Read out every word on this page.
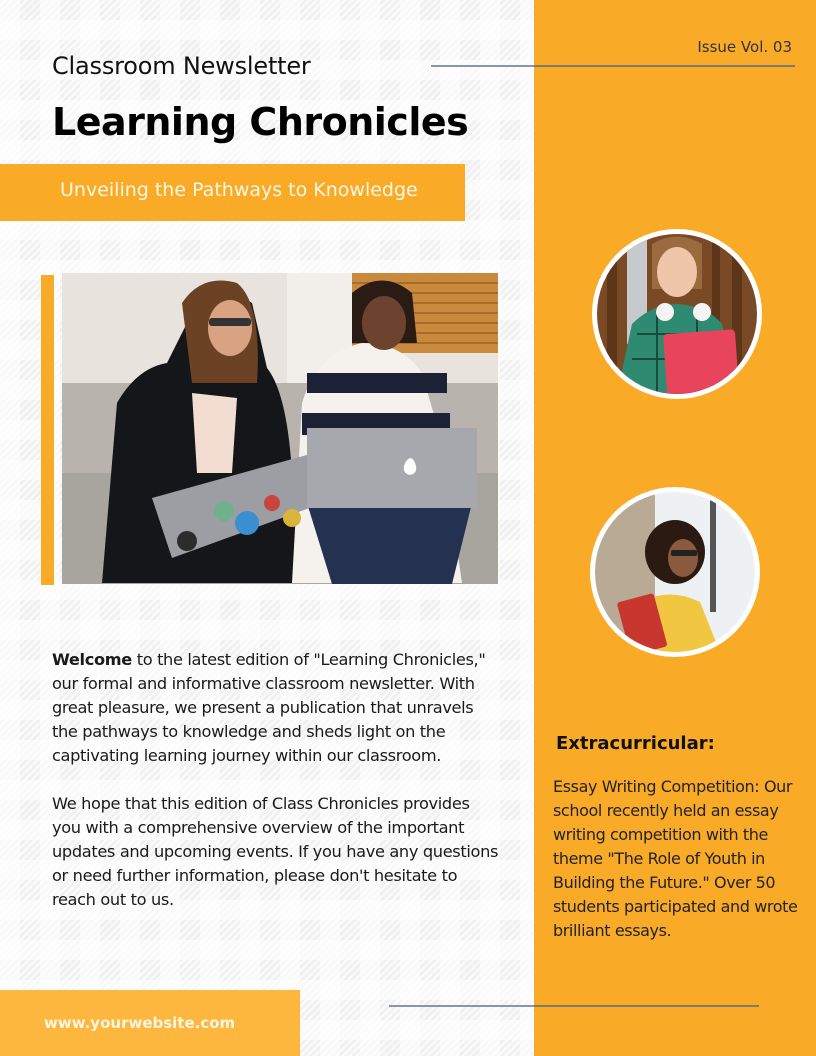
Issue Vol. 03
Classroom Newsletter
Learning Chronicles
Unveiling the Pathways to Knowledge

Welcome to the latest edition of "Learning Chronicles," our formal and informative classroom newsletter. With great pleasure, we present a publication that unravels the pathways to knowledge and sheds light on the captivating learning journey within our classroom.

We hope that this edition of Class Chronicles provides you with a comprehensive overview of the important updates and upcoming events. If you have any questions or need further information, please don't hesitate to reach out to us.

Extracurricular:
Essay Writing Competition: Our school recently held an essay writing competition with the theme "The Role of Youth in Building the Future." Over 50 students participated and wrote brilliant essays.
www.yourwebsite.com
